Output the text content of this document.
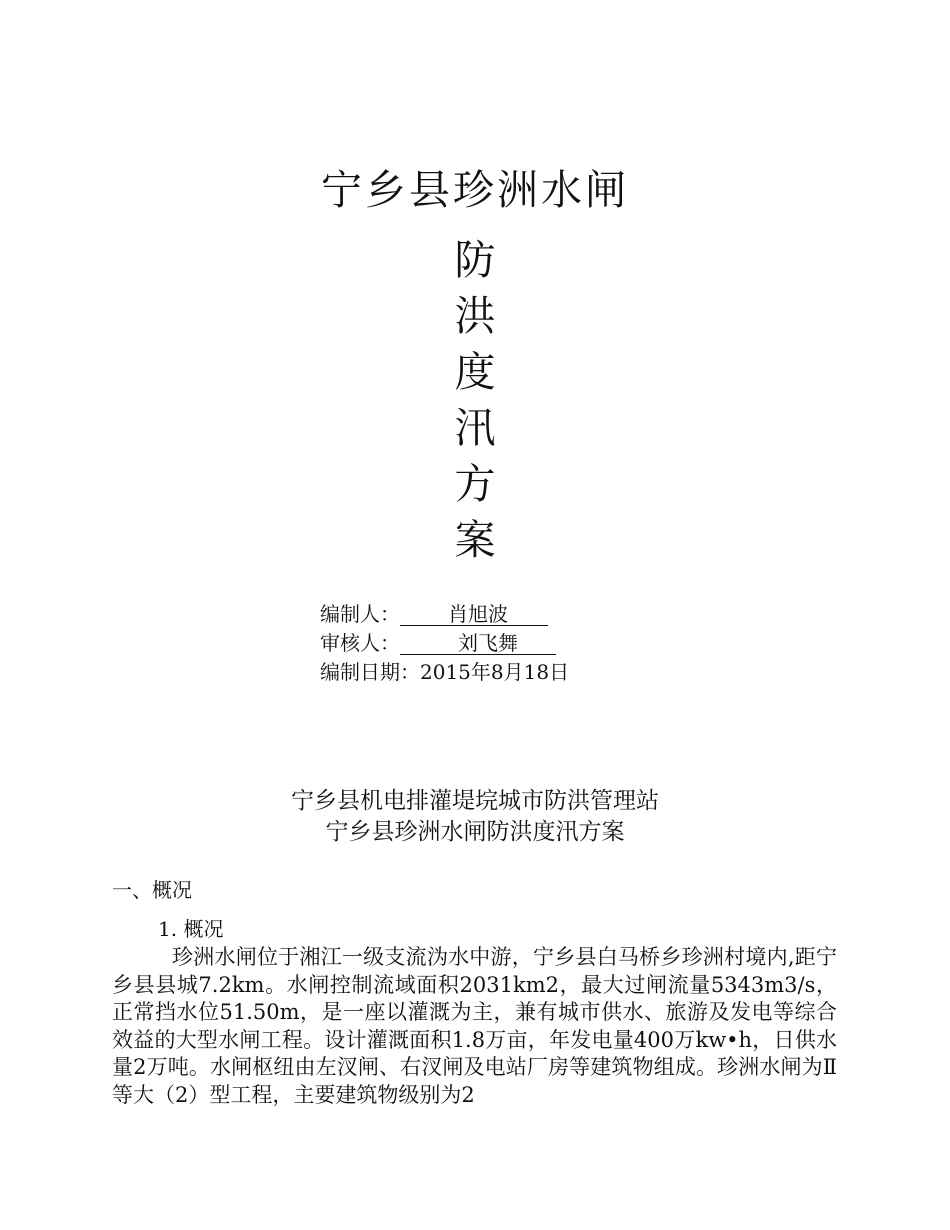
宁乡县珍洲水闸
防
洪
度
汛
方
案
编制人： 肖旭波
审核人：	刘飞舞
编制日期：2015年8月18日
宁乡县机电排灌堤垸城市防洪管理站
宁乡县珍洲水闸防洪度汛方案
一、概况
1. 概况

珍洲水闸位于湘江一级支流沩水中游，宁乡县白马桥乡珍洲村境内,距宁乡县县城7.2km。水闸控制流域面积2031km2，最大过闸流量5343m3/s，正常挡水位51.50m，是一座以灌溉为主，兼有城市供水、旅游及发电等综合效益的大型水闸工程。设计灌溉面积1.8万亩，年发电量400万kw•h，日供水量2万吨。水闸枢纽由左汊闸、右汊闸及电站厂房等建筑物组成。珍洲水闸为Ⅱ等大（2）型工程，主要建筑物级别为2
